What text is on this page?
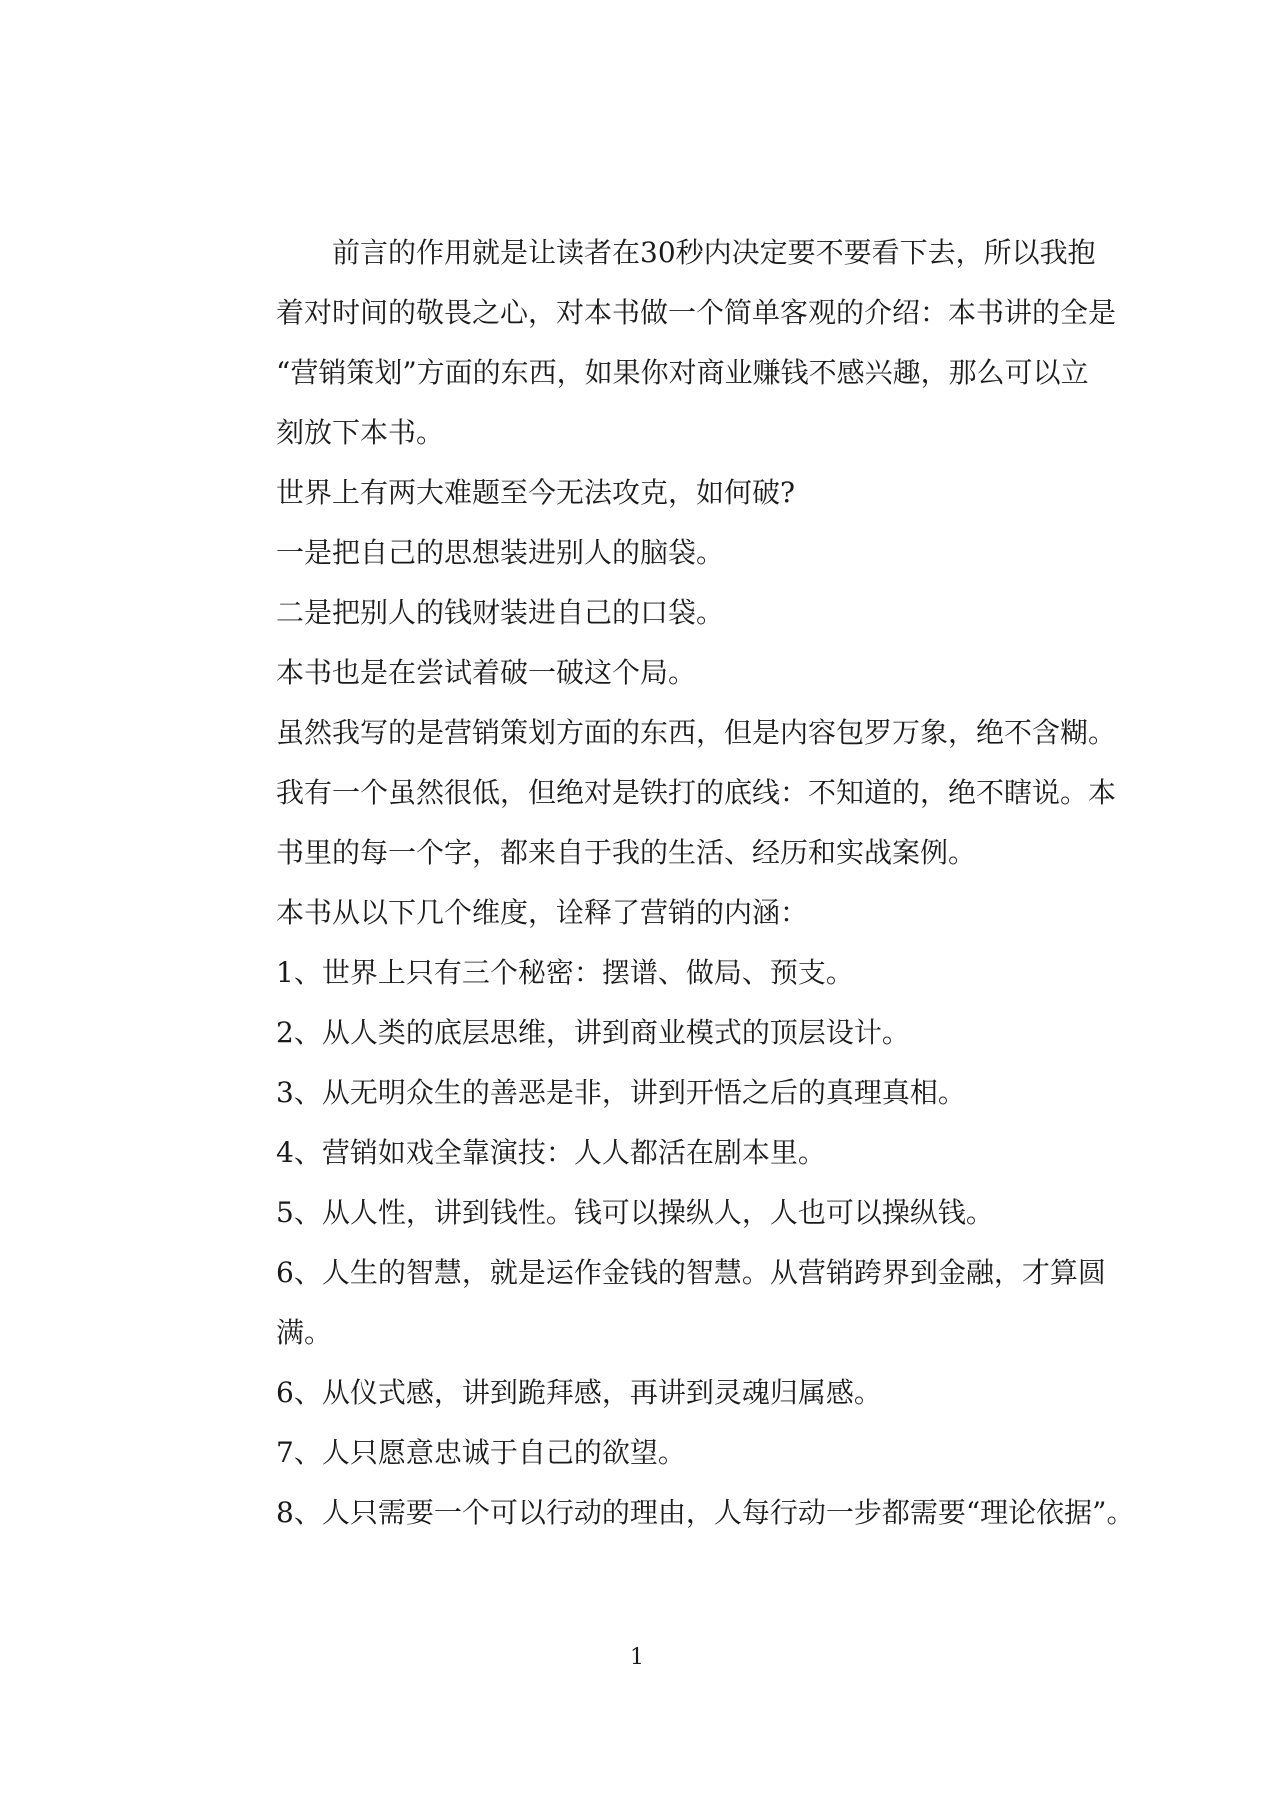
前言的作用就是让读者在30秒内决定要不要看下去，所以我抱
着对时间的敬畏之心，对本书做一个简单客观的介绍：本书讲的全是
“营销策划”方面的东西，如果你对商业赚钱不感兴趣，那么可以立
刻放下本书。
世界上有两大难题至今无法攻克，如何破?
一是把自己的思想装进别人的脑袋。
二是把别人的钱财装进自己的口袋。
本书也是在尝试着破一破这个局。
虽然我写的是营销策划方面的东西，但是内容包罗万象，绝不含糊。
我有一个虽然很低，但绝对是铁打的底线：不知道的，绝不瞎说。本
书里的每一个字，都来自于我的生活、经历和实战案例。
本书从以下几个维度，诠释了营销的内涵：
1、世界上只有三个秘密：摆谱、做局、预支。
2、从人类的底层思维，讲到商业模式的顶层设计。
3、从无明众生的善恶是非，讲到开悟之后的真理真相。
4、营销如戏全靠演技：人人都活在剧本里。
5、从人性，讲到钱性。钱可以操纵人，人也可以操纵钱。
6、人生的智慧，就是运作金钱的智慧。从营销跨界到金融，才算圆
满。
6、从仪式感，讲到跪拜感，再讲到灵魂归属感。
7、人只愿意忠诚于自己的欲望。
8、人只需要一个可以行动的理由，人每行动一步都需要“理论依据”。
1
